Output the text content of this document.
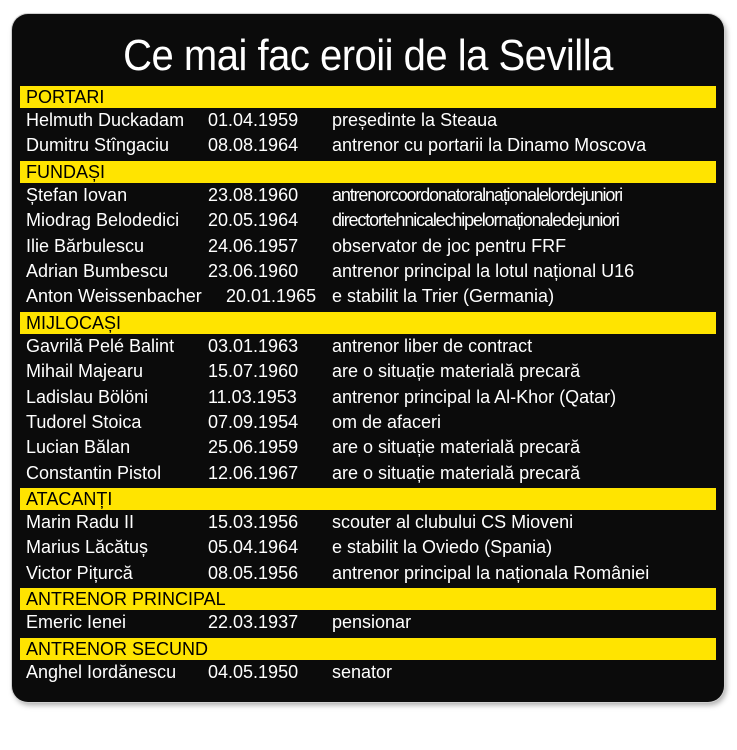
Ce mai fac eroii de la Sevilla
PORTARI
Helmuth Duckadam 01.04.1959 președinte la Steaua
Dumitru Stîngaciu 08.08.1964 antrenor cu portarii la Dinamo Moscova
FUNDAȘI
Ștefan Iovan	23.08.1960 antrenorcoordonatoralnaționalelordejuniori
Miodrag Belodedici 20.05.1964 directortehnicalechipelornaționaledejuniori
Ilie Bărbulescu	24.06.1957 observator de joc pentru FRF
Adrian Bumbescu 23.06.1960 antrenor principal la lotul național U16
Anton Weissenbacher 20.01.1965 e stabilit la Trier (Germania)
MIJLOCAȘI
Gavrilă Pelé Balint 03.01.1963 antrenor liber de contract
Mihail Majearu	15.07.1960 are o situație materială precară
Ladislau Bölöni	11.03.1953 antrenor principal la Al-Khor (Qatar)
Tudorel Stoica	07.09.1954 om de afaceri
Lucian Bălan	25.06.1959 are o situație materială precară
Constantin Pistol	12.06.1967 are o situație materială precară
ATACANȚI
Marin Radu II	15.03.1956 scouter al clubului CS Mioveni
Marius Lăcătuș	05.04.1964 e stabilit la Oviedo (Spania)
Victor Pițurcă	08.05.1956 antrenor principal la naționala României
ANTRENOR PRINCIPAL
Emeric Ienei	22.03.1937 pensionar
ANTRENOR SECUND
Anghel Iordănescu 04.05.1950 senator
